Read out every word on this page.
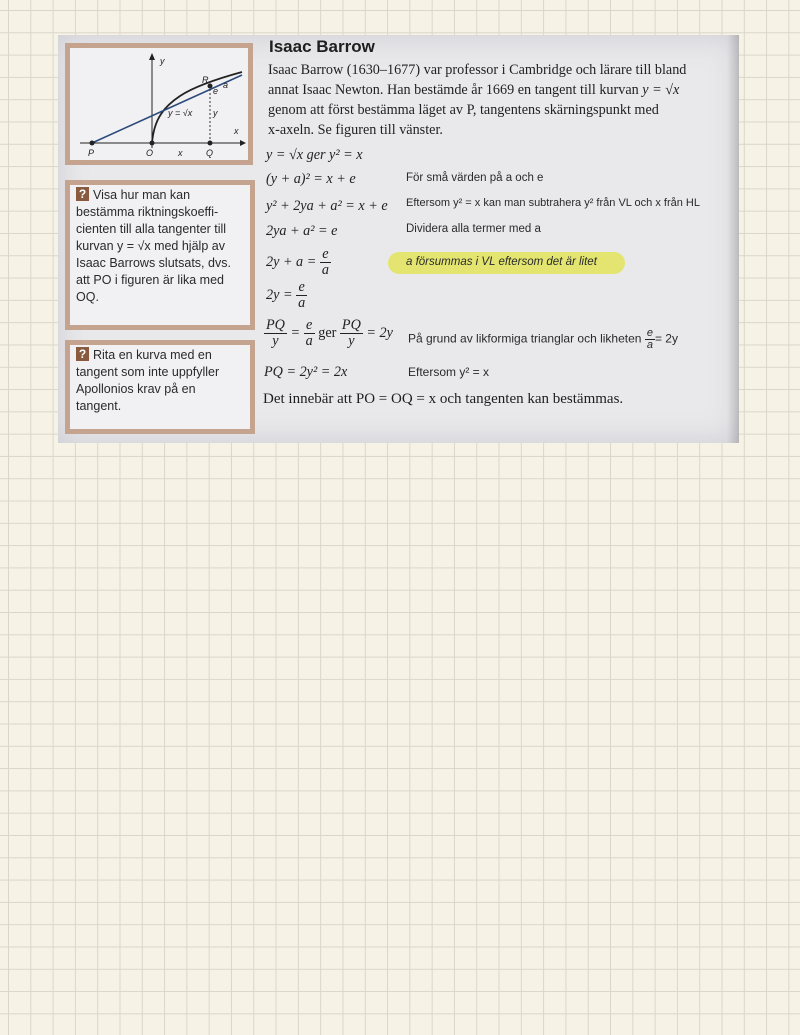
y
R
e
a
y = √x y
x
P	O	x	Q
? Visa hur man kan bestämma riktningskoeffi-cienten till alla tangenter till kurvan y = √x med hjälp av Isaac Barrows slutsats, dvs. att PO i figuren är lika med OQ.
? Rita en kurva med en tangent som inte uppfyller Apollonios krav på en tangent.
Isaac Barrow
Isaac Barrow (1630–1677) var professor i Cambridge och lärare till bland
annat Isaac Newton. Han bestämde år 1669 en tangent till kurvan y = √x
genom att först bestämma läget av P, tangentens skärningspunkt med
x-axeln. Se figuren till vänster.
y = √x ger y² = x
(y + a)² = x + e	För små värden på a och e
y² + 2ya + a² = x + e Eftersom y² = x kan man subtrahera y² från VL och x från HL
2ya + a² = e	Dividera alla termer med a
$2y + a = \frac{e}{a}$	a försummas i VL eftersom det är litet
$2y = \frac{e}{a}$
$\frac{PQ}{y} = \frac{e}{a}$ ger $\frac{PQ}{y} = 2y$ På grund av likformiga trianglar och likheten $\frac{e}{a} = 2y$
PQ = 2y² = 2x	Eftersom y² = x
Det innebär att PO = OQ = x och tangenten kan bestämmas.
